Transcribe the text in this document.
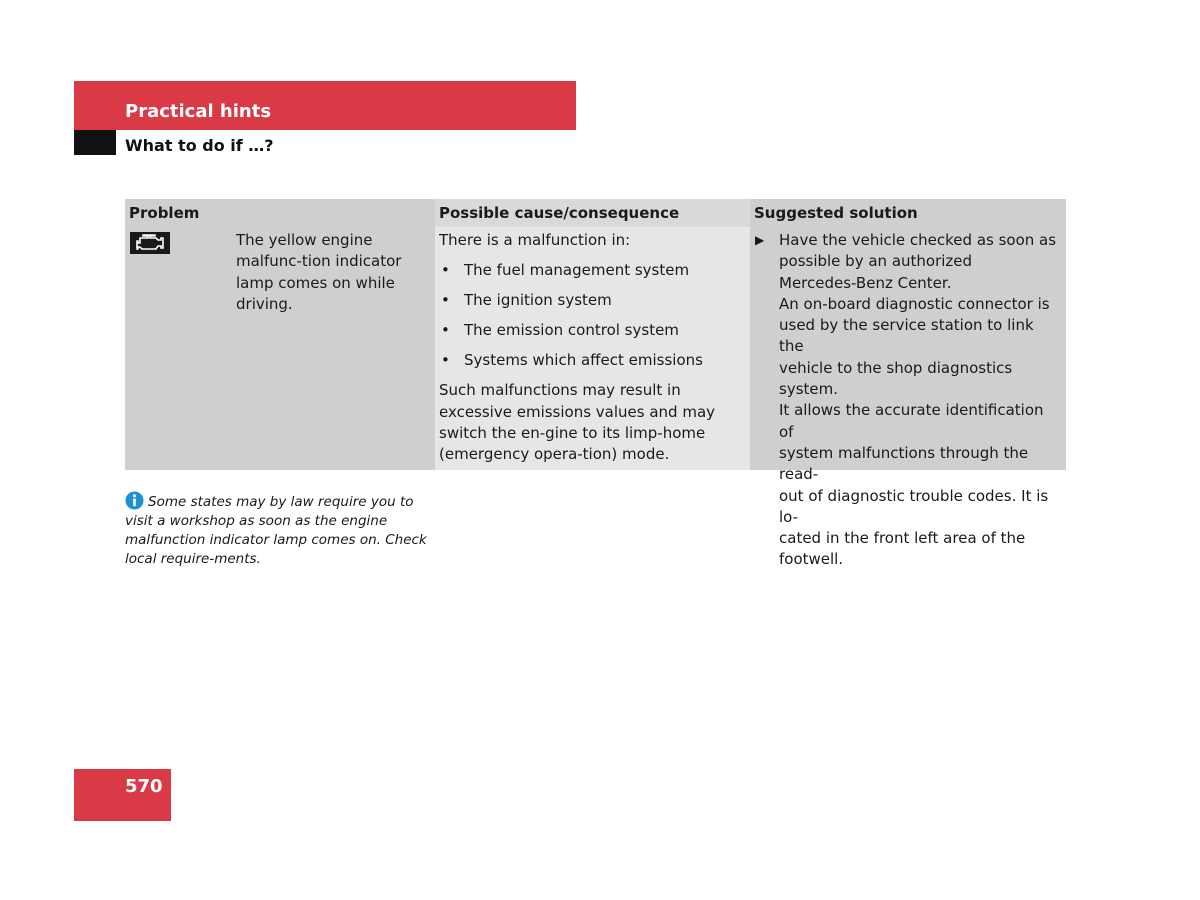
Practical hints
What to do if …?
Problem	Possible cause/consequence	Suggested solution

The yellow engine malfunc-tion indicator lamp comes on while driving.

There is a malfunction in:

• The fuel management system

• The ignition system

• The emission control system

• Systems which affect emissions

Such malfunctions may result in excessive emissions values and may switch the en-gine to its limp-home (emergency opera-tion) mode.

▶ Have the vehicle checked as soon as
possible by an authorized
Mercedes-Benz Center.
An on-board diagnostic connector is
used by the service station to link the
vehicle to the shop diagnostics system.
It allows the accurate identification of
system malfunctions through the read-
out of diagnostic trouble codes. It is lo-
cated in the front left area of the
footwell.

Some states may by law require you to visit a workshop as soon as the engine malfunction indicator lamp comes on. Check local require-ments.

570
